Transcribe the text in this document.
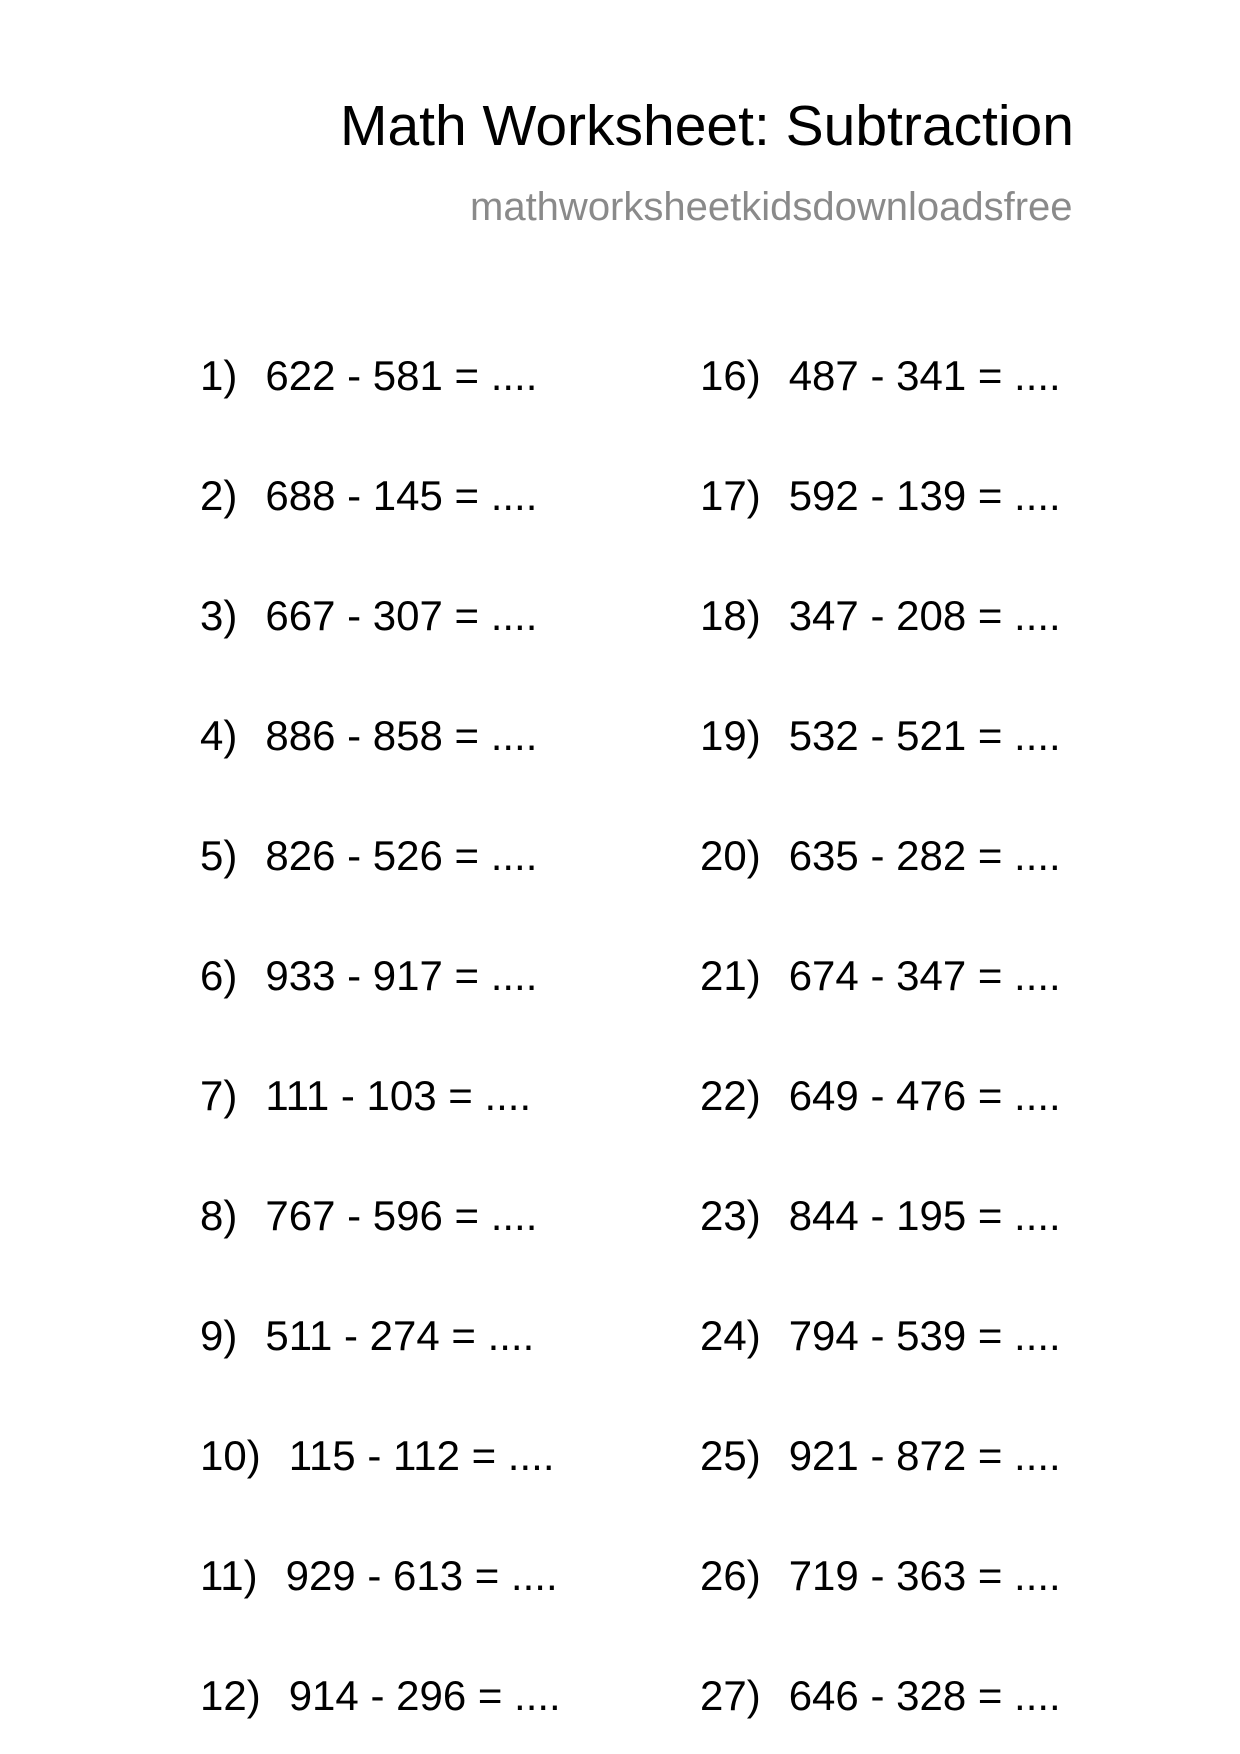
Math Worksheet: Subtraction
mathworksheetkidsdownloadsfree
1) 622 - 581 = ....
2) 688 - 145 = ....
3) 667 - 307 = ....
4) 886 - 858 = ....
5) 826 - 526 = ....
6) 933 - 917 = ....
7) 111 - 103 = ....
8) 767 - 596 = ....
9) 511 - 274 = ....
10) 115 - 112 = ....
11) 929 - 613 = ....
12) 914 - 296 = ....
16) 487 - 341 = ....
17) 592 - 139 = ....
18) 347 - 208 = ....
19) 532 - 521 = ....
20) 635 - 282 = ....
21) 674 - 347 = ....
22) 649 - 476 = ....
23) 844 - 195 = ....
24) 794 - 539 = ....
25) 921 - 872 = ....
26) 719 - 363 = ....
27) 646 - 328 = ....
